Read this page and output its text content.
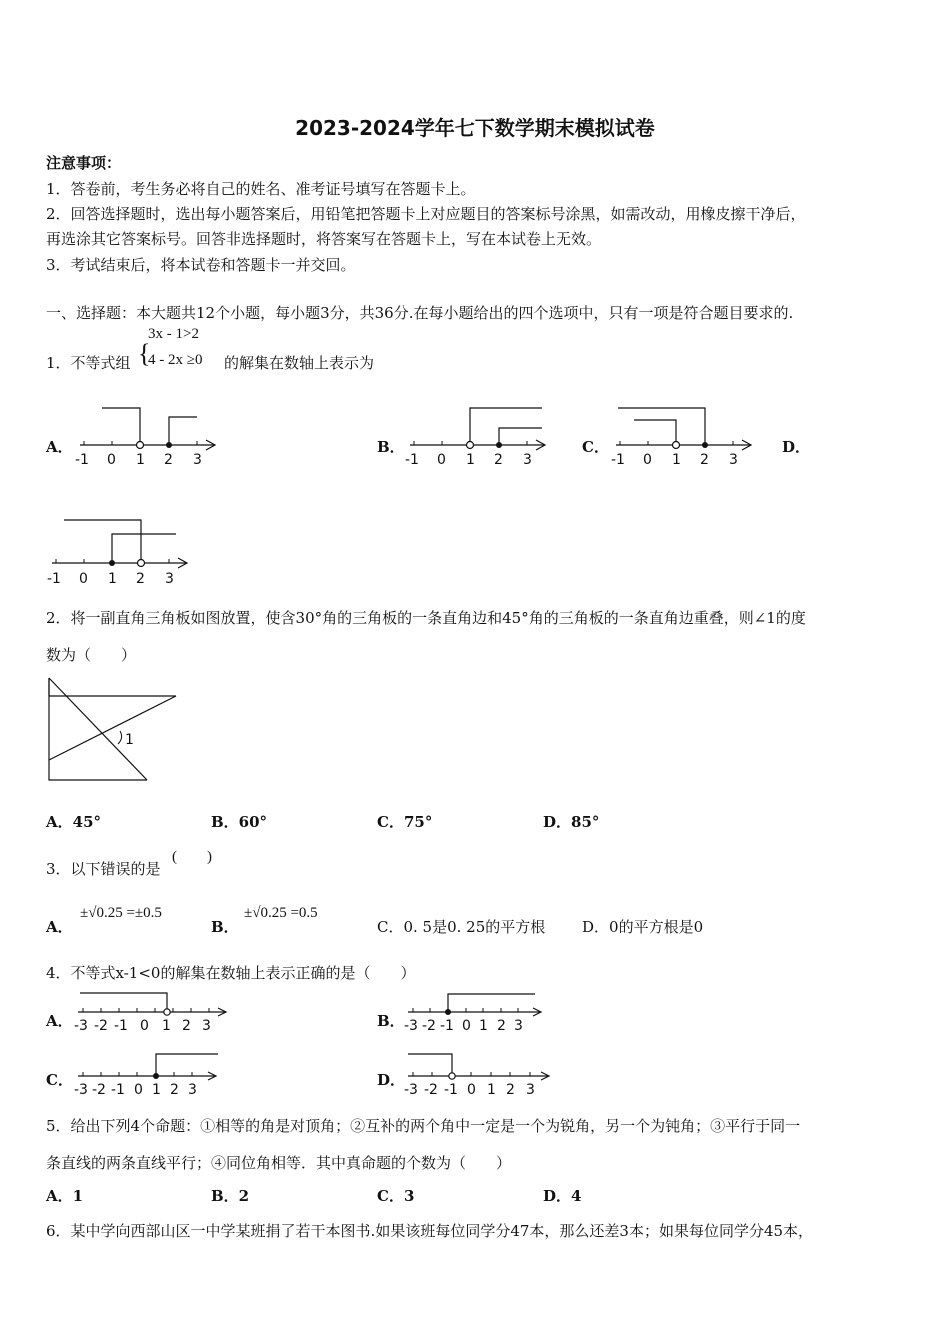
2023-2024学年七下数学期末模拟试卷
注意事项：
1．答卷前，考生务必将自己的姓名、准考证号填写在答题卡上。
2．回答选择题时，选出每小题答案后，用铅笔把答题卡上对应题目的答案标号涂黑，如需改动，用橡皮擦干净后，
再选涂其它答案标号。回答非选择题时，将答案写在答题卡上，写在本试卷上无效。
3．考试结束后，将本试卷和答题卡一并交回。
一、选择题：本大题共12个小题，每小题3分，共36分.在每小题给出的四个选项中，只有一项是符合题目要求的.
1．不等式组 {
3x - 1>2
4 - 2x ≥0 的解集在数轴上表示为
A．	B．	C．	D．
-1 0 1 2 3	-1 0 1 2 3	-1 0 1 2 3
-1 0 1 2 3
2．将一副直角三角板如图放置，使含30°角的三角板的一条直角边和45°角的三角板的一条直角边重叠，则∠1的度
数为（　　）
1
A．45°	B．60°	C．75°	D．85°
3．以下错误的是
(　　)
A．
±√0.25 =±0.5
B．
±√0.25 =0.5
C．0. 5是0. 25的平方根 D．0的平方根是0
4．不等式x-1<0的解集在数轴上表示正确的是（　　）
A．	B．
C．	D．
-3 -2 -1 0 1 2 3	-3 -2 -1 0 1 2 3
-3 -2 -1 0 1 2 3	-3 -2 -1 0 1 2 3
5．给出下列4个命题：①相等的角是对顶角；②互补的两个角中一定是一个为锐角，另一个为钝角；③平行于同一
条直线的两条直线平行；④同位角相等．其中真命题的个数为（　　）
A．1	B．2	C．3	D．4
6．某中学向西部山区一中学某班捐了若干本图书.如果该班每位同学分47本，那么还差3本；如果每位同学分45本，
